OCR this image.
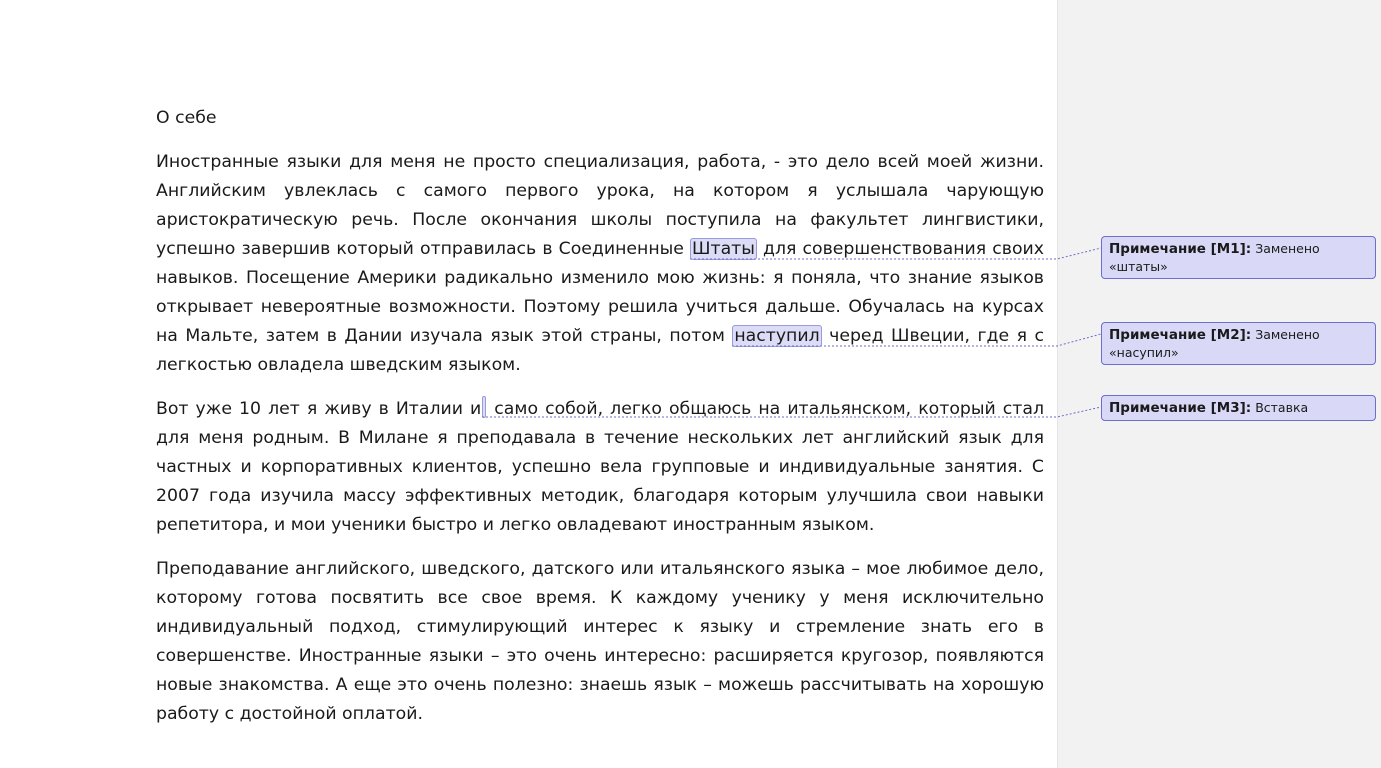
О себе

Иностранные языки для меня не просто специализация, работа, - это дело всей моей жизни. Английским увлеклась с самого первого урока, на котором я услышала чарующую аристократическую речь. После окончания школы поступила на факультет лингвистики, успешно завершив который отправилась в Соединенные Штаты для совершенствования своих навыков. Посещение Америки радикально изменило мою жизнь: я поняла, что знание языков открывает невероятные возможности. Поэтому решила учиться дальше. Обучалась на курсах на Мальте, затем в Дании изучала язык этой страны, потом наступил черед Швеции, где я с легкостью овладела шведским языком.

Вот уже 10 лет я живу в Италии и само собой, легко общаюсь на итальянском, который стал для меня родным. В Милане я преподавала в течение нескольких лет английский язык для частных и корпоративных клиентов, успешно вела групповые и индивидуальные занятия. С 2007 года изучила массу эффективных методик, благодаря которым улучшила свои навыки репетитора, и мои ученики быстро и легко овладевают иностранным языком.

Преподавание английского, шведского, датского или итальянского языка – мое любимое дело, которому готова посвятить все свое время. К каждому ученику у меня исключительно индивидуальный подход, стимулирующий интерес к языку и стремление знать его в совершенстве. Иностранные языки – это очень интересно: расширяется кругозор, появляются новые знакомства. А еще это очень полезно: знаешь язык – можешь рассчитывать на хорошую работу с достойной оплатой.

Примечание [M1]: Заменено «штаты»
Примечание [M2]: Заменено «насупил»
Примечание [M3]: Вставка
